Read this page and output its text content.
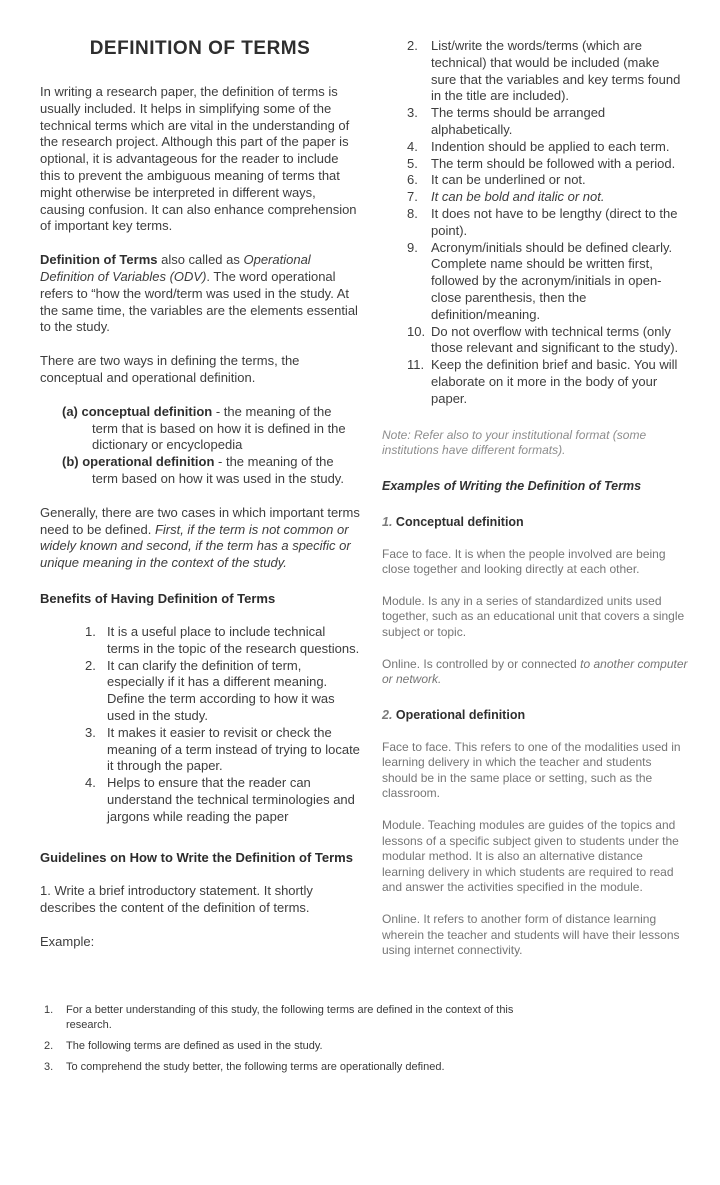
DEFINITION OF TERMS

In writing a research paper, the definition of terms is usually included. It helps in simplifying some of the technical terms which are vital in the understanding of the research project. Although this part of the paper is optional, it is advantageous for the reader to include this to prevent the ambiguous meaning of terms that might otherwise be interpreted in different ways, causing confusion. It can also enhance comprehension of important key terms.

Definition of Terms also called as Operational Definition of Variables (ODV). The word operational refers to “how the word/term was used in the study. At the same time, the variables are the elements essential to the study.

There are two ways in defining the terms, the conceptual and operational definition.

(a) conceptual definition - the meaning of the term that is based on how it is defined in the dictionary or encyclopedia
(b) operational definition - the meaning of the term based on how it was used in the study.

Generally, there are two cases in which important terms need to be defined. First, if the term is not common or widely known and second, if the term has a specific or unique meaning in the context of the study.

Benefits of Having Definition of Terms
1. It is a useful place to include technical terms in the topic of the research questions.
2. It can clarify the definition of term, especially if it has a different meaning. Define the term according to how it was used in the study.
3. It makes it easier to revisit or check the meaning of a term instead of trying to locate it through the paper.
4. Helps to ensure that the reader can understand the technical terminologies and jargons while reading the paper
Guidelines on How to Write the Definition of Terms

1. Write a brief introductory statement. It shortly describes the content of the definition of terms.

Example:

2.	List/write the words/terms (which are technical) that would be included (make sure that the variables and key terms found in the title are included).
3.	The terms should be arranged alphabetically.
4.	Indention should be applied to each term.
5.	The term should be followed with a period.
6.	It can be underlined or not.
7.	It can be bold and italic or not.
8.	It does not have to be lengthy (direct to the point).
9.	Acronym/initials should be defined clearly. Complete name should be written first, followed by the acronym/initials in open-close parenthesis, then the definition/meaning.
10. Do not overflow with technical terms (only those relevant and significant to the study).
11. Keep the definition brief and basic. You will elaborate on it more in the body of your paper.

Note: Refer also to your institutional format (some institutions have different formats).

Examples of Writing the Definition of Terms
1. Conceptual definition

Face to face. It is when the people involved are being close together and looking directly at each other.

Module. Is any in a series of standardized units used together, such as an educational unit that covers a single subject or topic.

Online. Is controlled by or connected to another computer or network.

2. Operational definition

Face to face. This refers to one of the modalities used in learning delivery in which the teacher and students should be in the same place or setting, such as the classroom.

Module. Teaching modules are guides of the topics and lessons of a specific subject given to students under the modular method. It is also an alternative distance learning delivery in which students are required to read and answer the activities specified in the module.

Online. It refers to another form of distance learning wherein the teacher and students will have their lessons using internet connectivity.

1.	For a better understanding of this study, the following terms are defined in the context of this research.
2.	The following terms are defined as used in the study.
3.	To comprehend the study better, the following terms are operationally defined.
